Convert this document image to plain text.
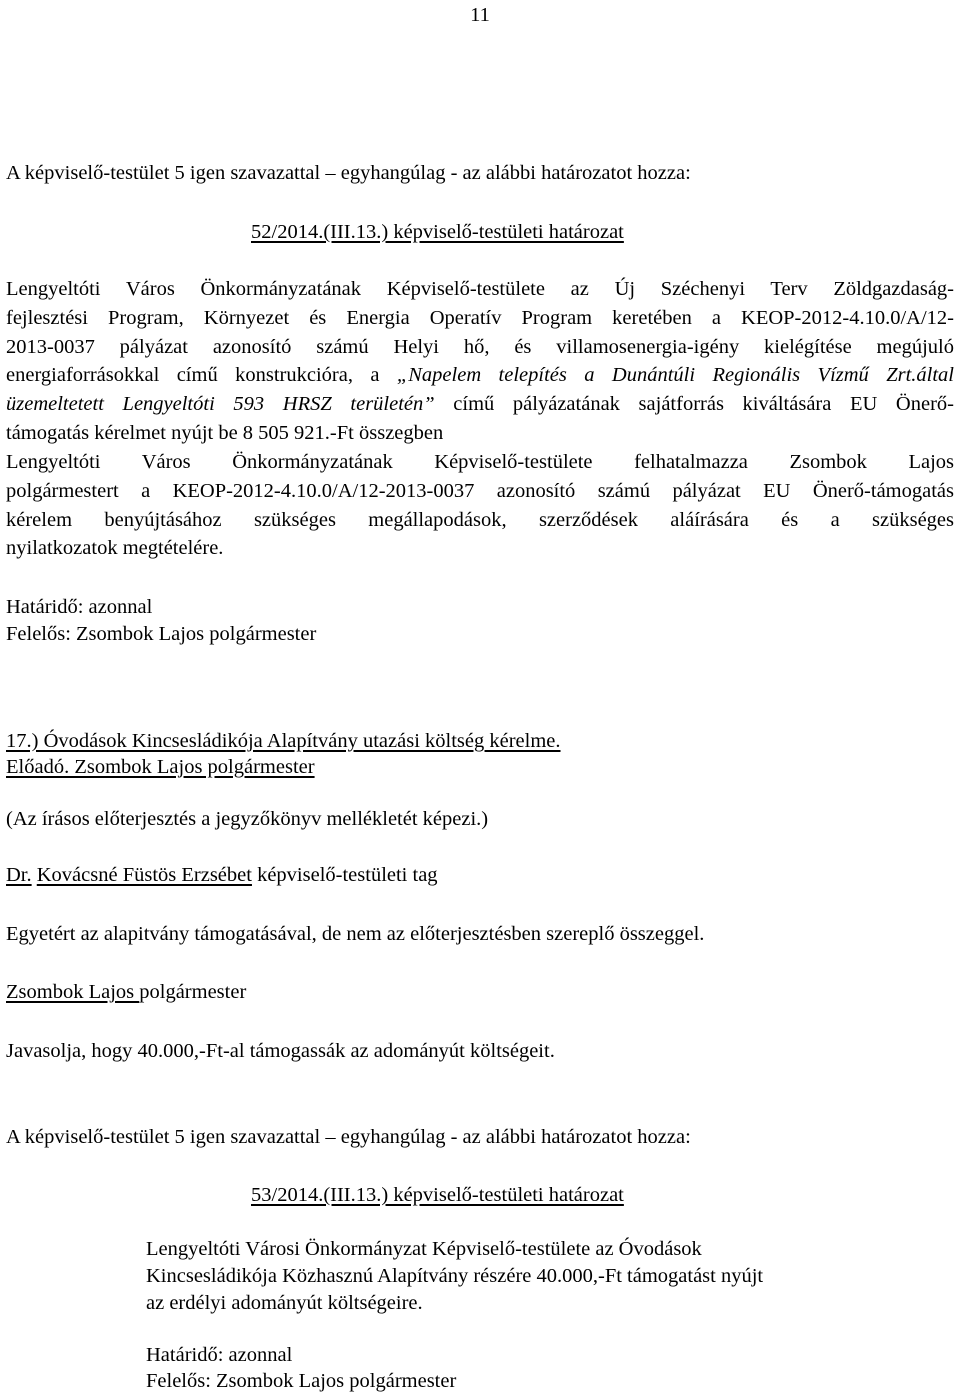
11
A képviselő-testület 5 igen szavazattal – egyhangúlag - az alábbi határozatot hozza:
52/2014.(III.13.) képviselő-testületi határozat
Lengyeltóti Város Önkormányzatának Képviselő-testülete az Új Széchenyi Terv Zöldgazdaság-
fejlesztési Program, Környezet és Energia Operatív Program keretében a KEOP-2012-4.10.0/A/12-
2013-0037 pályázat azonosító számú Helyi hő, és villamosenergia-igény kielégítése megújuló
energiaforrásokkal című konstrukcióra, a „Napelem telepítés a Dunántúli Regionális Vízmű Zrt.által
üzemeltetett Lengyeltóti 593 HRSZ területén” című pályázatának sajátforrás kiváltására EU Önerő-
támogatás kérelmet nyújt be 8 505 921.-Ft összegben
Lengyeltóti Város Önkormányzatának Képviselő-testülete felhatalmazza Zsombok Lajos
polgármestert a KEOP-2012-4.10.0/A/12-2013-0037 azonosító számú pályázat EU Önerő-támogatás
kérelem benyújtásához szükséges megállapodások, szerződések aláírására és a szükséges
nyilatkozatok megtételére.
Határidő: azonnal
Felelős: Zsombok Lajos polgármester
17.) Óvodások Kincsesládikója Alapítvány utazási költség kérelme.
Előadó. Zsombok Lajos polgármester
(Az írásos előterjesztés a jegyzőkönyv mellékletét képezi.)
Dr. Kovácsné Füstös Erzsébet képviselő-testületi tag
Egyetért az alapitvány támogatásával, de nem az előterjesztésben szereplő összeggel.
Zsombok Lajos polgármester
Javasolja, hogy 40.000,-Ft-al támogassák az adományút költségeit.
A képviselő-testület 5 igen szavazattal – egyhangúlag - az alábbi határozatot hozza:
53/2014.(III.13.) képviselő-testületi határozat
Lengyeltóti Városi Önkormányzat Képviselő-testülete az Óvodások
Kincsesládikója Közhasznú Alapítvány részére 40.000,-Ft támogatást nyújt
az erdélyi adományút költségeire.
Határidő: azonnal
Felelős: Zsombok Lajos polgármester
